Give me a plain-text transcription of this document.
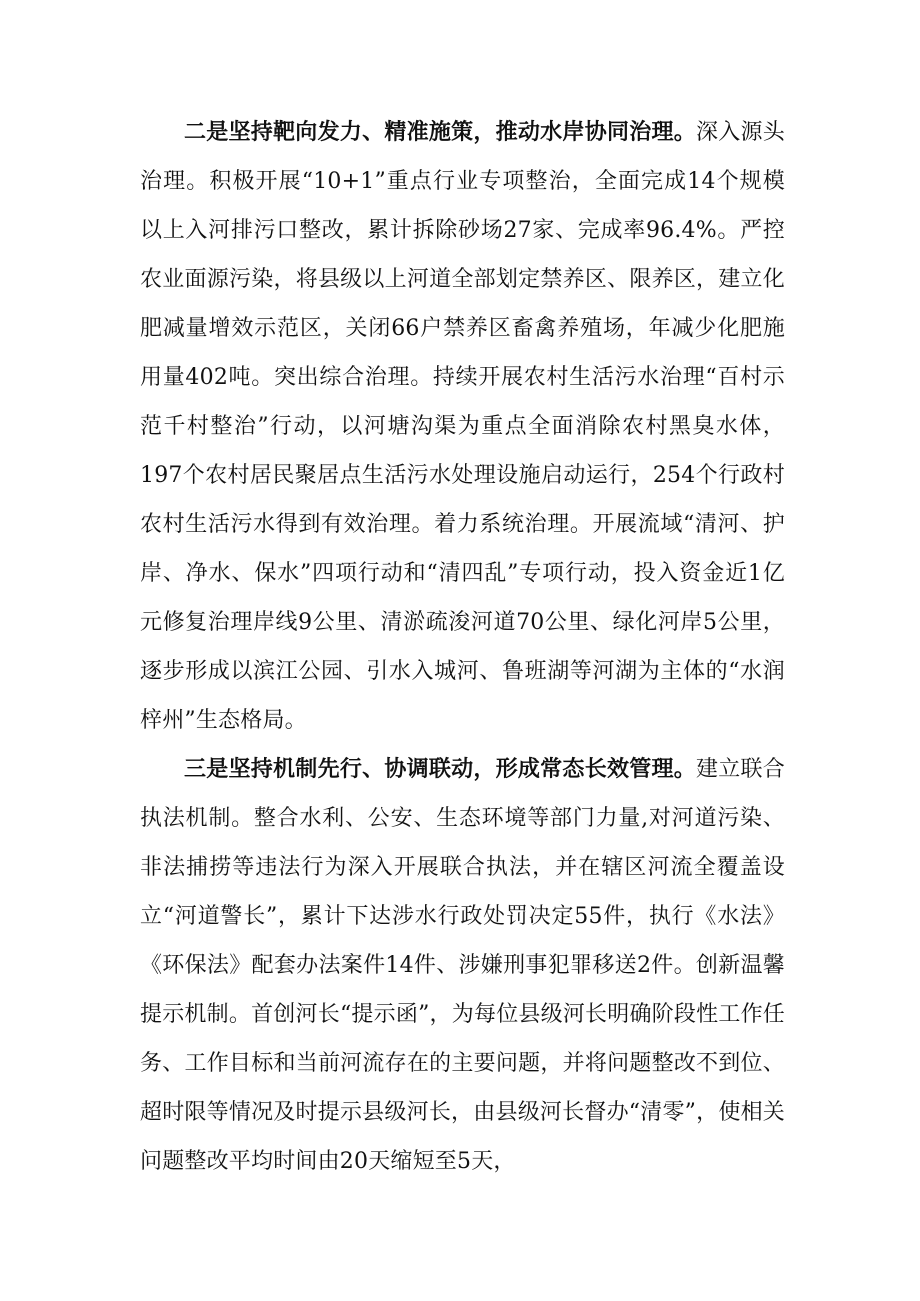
二是坚持靶向发力、精准施策，推动水岸协同治理。深入源头治理。积极开展“10+1”重点行业专项整治，全面完成14个规模以上入河排污口整改，累计拆除砂场27家、完成率96.4%。严控农业面源污染，将县级以上河道全部划定禁养区、限养区，建立化肥减量增效示范区，关闭66户禁养区畜禽养殖场，年减少化肥施用量402吨。突出综合治理。持续开展农村生活污水治理“百村示范千村整治”行动，以河塘沟渠为重点全面消除农村黑臭水体，197个农村居民聚居点生活污水处理设施启动运行，254个行政村农村生活污水得到有效治理。着力系统治理。开展流域“清河、护岸、净水、保水”四项行动和“清四乱”专项行动，投入资金近1亿元修复治理岸线9公里、清淤疏浚河道70公里、绿化河岸5公里，逐步形成以滨江公园、引水入城河、鲁班湖等河湖为主体的“水润梓州”生态格局。

三是坚持机制先行、协调联动，形成常态长效管理。建立联合执法机制。整合水利、公安、生态环境等部门力量,对河道污染、非法捕捞等违法行为深入开展联合执法，并在辖区河流全覆盖设立“河道警长”，累计下达涉水行政处罚决定55件，执行《水法》《环保法》配套办法案件14件、涉嫌刑事犯罪移送2件。创新温馨提示机制。首创河长“提示函”，为每位县级河长明确阶段性工作任务、工作目标和当前河流存在的主要问题，并将问题整改不到位、超时限等情况及时提示县级河长，由县级河长督办“清零”，使相关问题整改平均时间由20天缩短至5天，
